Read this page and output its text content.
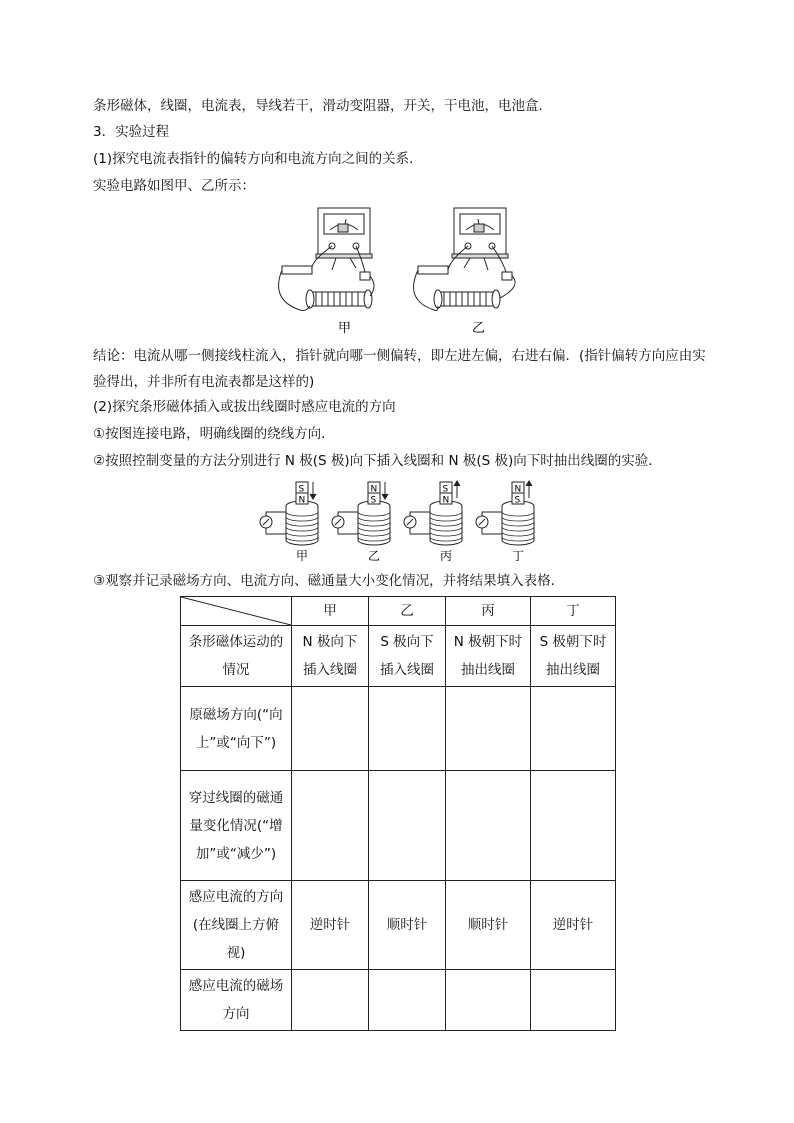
条形磁体，线圈，电流表，导线若干，滑动变阻器，开关，干电池，电池盒．
3．实验过程
(1)探究电流表指针的偏转方向和电流方向之间的关系．
实验电路如图甲、乙所示：
甲	乙
结论：电流从哪一侧接线柱流入，指针就向哪一侧偏转，即左进左偏，右进右偏．(指针偏转方向应由实验得出，并非所有电流表都是这样的)
(2)探究条形磁体插入或拔出线圈时感应电流的方向
①按图连接电路，明确线圈的绕线方向．
②按照控制变量的方法分别进行 N 极(S 极)向下插入线圈和 N 极(S 极)向下时抽出线圈的实验．
S
N
甲
N
S
乙
S
N
丙
N
S
丁
③观察并记录磁场方向、电流方向、磁通量大小变化情况，并将结果填入表格．
	甲	乙	丙	丁

条形磁体运动的情况	N 极向下插入线圈	S 极向下插入线圈	N 极朝下时抽出线圈	S 极朝下时抽出线圈

原磁场方向(“向上”或“向下”)				

穿过线圈的磁通量变化情况(“增加”或“减少”)				

感应电流的方向(在线圈上方俯视)	逆时针	顺时针	顺时针	逆时针

感应电流的磁场方向				
